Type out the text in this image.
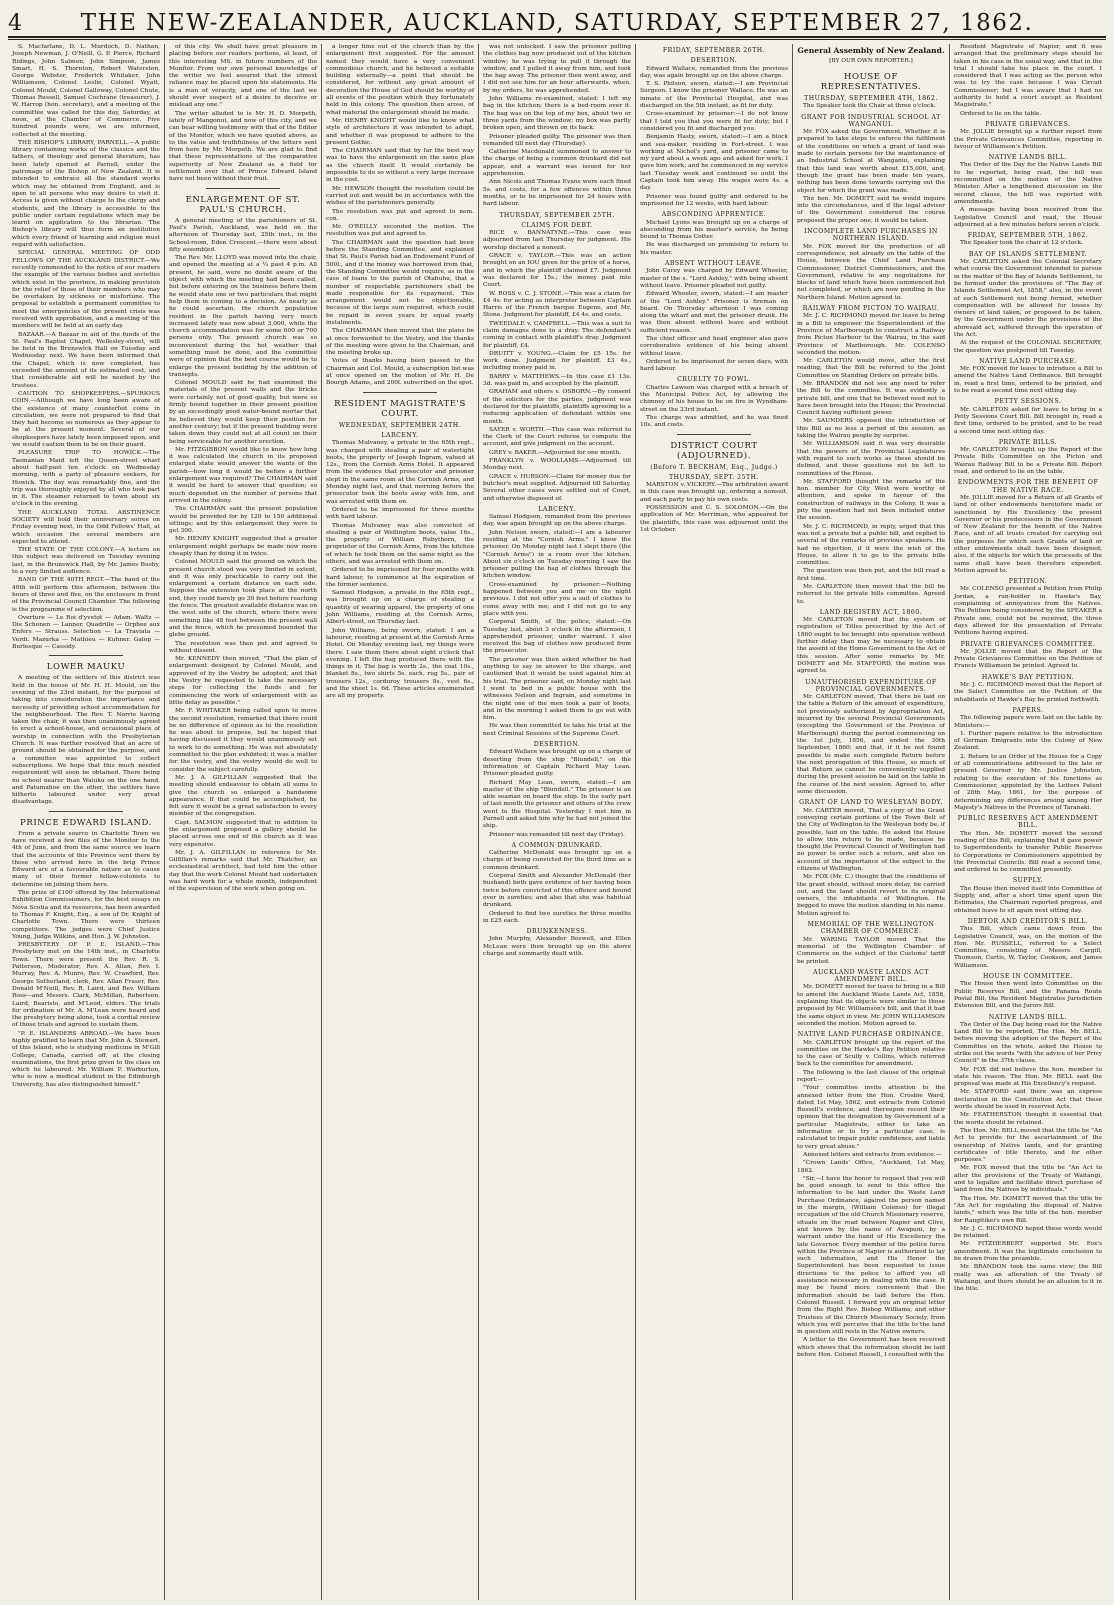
4	THE NEW-ZEALANDER, AUCKLAND, SATURDAY, SEPTEMBER 27, 1862.

S. Macfarlane, D. L. Murdoch, D. Nathan, Joseph Newman, J. O'Neill, G. P. Pierce, Richard Ridings, John Salmon, John Simpson, James Smart, H. S. Thornton, Robert Waterston, George Webster, Frederick Whitaker, John Williamson, Colonel Leslie, Colonel Wyatt, Colonel Mould, Colonel Galloway, Colonel Chute, Thomas Russell, Samuel Cochrane (treasurer), J. W. Harrop (hon. secretary), and a meeting of the committee was called for this day, Saturday, at noon, at the Chamber of Commerce. Five hundred pounds were, we are informed, collected at the meeting.

THE BISHOP'S LIBRARY, PARNELL.—A public library containing works of the classics and the fathers, of theology and general literature, has been lately opened at Parnell, under the patronage of the Bishop of New Zealand. It is intended to embrace all the standard works which may be obtained from England, and is open to all persons who may desire to visit it. Access is given without charge to the clergy and students, and the library is accessible to the public under certain regulations which may be learnt on application to the librarian. The Bishop's library will thus form an institution which every friend of learning and religion must regard with satisfaction.

SPECIAL GENERAL MEETING OF ODD FELLOWS OF THE AUCKLAND DISTRICT.—We recently commended to the notice of our readers the example of the various bodies and societies which exist in the province, in making provision for the relief of those of their members who may be overtaken by sickness or misfortune. The proposal to establish a permanent committee to meet the emergencies of the present crisis was received with approbation, and a meeting of the members will be held at an early day.

BAZAAR.—A Bazaar in aid of the funds of the St. Paul's Baptist Chapel, Wellesley-street, will be held in the Brunswick Hall on Tuesday and Wednesday next. We have been informed that the Chapel, which is now completed, has exceeded the amount of its estimated cost, and that considerable aid will be needed by the trustees.

CAUTION TO SHOPKEEPERS.—SPURIOUS COIN.—Although we have long been aware of the existence of many counterfeit coins in circulation, we were not prepared to find that they had become so numerous as they appear to be at the present moment. Several of our shopkeepers have lately been imposed upon, and we would caution them to be on their guard.

PLEASURE TRIP TO HOWICK.—The Tasmanian Maid left the Queen-street wharf about half-past ten o'clock on Wednesday morning, with a party of pleasure seekers, for Howick. The day was remarkably fine, and the trip was thoroughly enjoyed by all who took part in it. The steamer returned to town about six o'clock in the evening.

THE AUCKLAND TOTAL ABSTINENCE SOCIETY will hold their anniversary soiree on Friday evening next, in the Odd Fellows' Hall, at which occasion the several members are expected to attend.

THE STATE OF THE COLONY.—A lecture on this subject was delivered on Tuesday evening last, in the Brunswick Hall, by Mr. James Busby, to a very limited audience.

BAND OF THE 40TH REGT.—The band of the 40th will perform this afternoon, between the hours of three and five, on the enclosure in front of the Provincial Council Chamber. The following is the programme of selection.

Overture — Le Roi d'yvetot — Adam. Waltz — Die Schonen — Lanner. Quadrille — Orphee aux Enfers — Strauss. Selection — La Traviata — Verdi. Mazurka — Mathieu — Kuhner. Galop — Burlesque — Cassidy.

LOWER MAUKU

A meeting of the settlers of this district was held in the house of Mr. H. H. Mould, on the evening of the 23rd instant, for the purpose of taking into consideration the importance and necessity of providing school accommodation for the neighbourhood. The Rev. T. Norrie having taken the chair, it was then unanimously agreed to erect a school-house, and occasional place of worship in connection with the Presbyterian Church. It was further resolved that an acre of ground should be obtained for the purpose, and a committee was appointed to collect subscriptions. We hope that this much needed requirement will soon be obtained. There being no school nearer than Waiuku on the one hand, and Patumahoe on the other, the settlers have hitherto laboured under very great disadvantage.

PRINCE EDWARD ISLAND.

From a private source in Charlotte Town we have received a few files of the Monitor to the 4th of June, and from the same source we learn that the accounts of this Province sent there by those who arrived here in the brig Prince Edward are of a favourable nature as to cause many of their former fellow-colonists to determine on joining them here.

The prize of £100 offered by the International Exhibition Commissioners, for the best essays on Nova Scotia and its resources, has been awarded to Thomas F. Knight, Esq., a son of Dr. Knight of Charlotte Town. There were thirteen competitors. The judges were Chief Justice Young, Judge Wilkins, and Hon. J. W. Johnston.

PRESBYTERY OF P. E. ISLAND.—This Presbytery met on the 14th inst., in Charlotte Town. There were present the Rev. R. S. Patterson, Moderator, Rev. A. Allan, Rev. I. Murray, Rev. A. Munro, Rev. W. Crawford, Rev. George Sutherland, clerk, Rev. Allan Fraser, Rev. Donald M'Neill, Rev. R. Laird, and Rev. William Ross—and Messrs. Clark, McMillan, Robertson, Laird, Bearisto, and M'Leod, elders. The trials for ordination of Mr. A. M'Lean were heard and the presbytery being alone, took a cordial review of those trials and agreed to sustain them.

"P. E. ISLANDERS ABROAD.—We have been highly gratified to learn that Mr. John A. Stewart, of this Island, who is studying medicine in M'Gill College, Canada, carried off, at the closing examinations, the first prize given to the class on which he laboured. Mr. William P. Warburton, who is now a medical student in the Edinburgh University, has also distinguished himself."

of this city. We shall have great pleasure in placing before our readers portions, at least, of this interesting MS. in future numbers of the Monitor. From our own personal knowledge of the writer we feel assured that the utmost reliance may be placed upon his statements. He is a man of veracity, and one of the last we should ever suspect of a desire to deceive or mislead any one."

The writer alluded to is Mr. H. D. Morpeth, lately of Mangonui, and now of this city, and we can bear willing testimony with that of the Editor of the Monitor, which we have quoted above, as to the value and truthfulness of the letters sent from here by Mr. Morpeth. We are glad to find that these representations of the comparative superiority of New Zealand as a field for settlement over that of Prince Edward Island have not been without their fruit.

ENLARGEMENT OF ST. PAUL'S CHURCH.

A general meeting of the parishioners of St. Paul's Parish, Auckland, was held on the afternoon of Thursday last, 25th inst., in the School-room, Eden Crescent.—there were about fifty assembled.

The Rev. Mr. LLOYD was moved into the chair, and opened the meeting at a ¼ past 4 p.m. All present, he said, were no doubt aware of the object with which the meeting had been called, but before entering on the business before them he would state one or two particulars that might help them in coming to a decision. As nearly as he could ascertain, the church population resident in the parish having very much increased lately was now about 3,000, while the church accommodation was for some 600 or 700 persons only. The present church was so inconvenient during the hot weather that something must be done, and the committee were of opinion that the best course would be to enlarge the present building by the addition of transepts.

Colonel MOULD said he had examined the materials of the present walls and the bricks were certainly not of good quality, but were so firmly bound together in their present position by an exceedingly good water-bound mortar that he believed they would keep their position for another century; but if the present building were taken down they could not at all count on their being serviceable for another erection.

Mr. FITZGIBBON would like to know how long it was calculated the church in its proposed enlarged state would answer the wants of the parish—how long it would be before a further enlargement was required? The CHAIRMAN said it would be hard to answer that question; so much depended on the number of persons that arrived in the colony.

The CHAIRMAN said the present population would be provided for by 120 to 150 additional sittings; and by this enlargement they were to get 300.

Mr. HENRY KNIGHT suggested that a greater enlargement might perhaps be made now more cheaply than by doing it in twice.

Colonel MOULD said the ground on which the present church stood was very limited in extent, and it was only practicable to carry out the enlargement a certain distance on each side. Suppose the extension took place at the north end, they could barely go 30 feet before reaching the fence. The greatest available distance was on the west side of the church, where there were something like 48 feet between the present wall and the fence, which he presumed bounded the glebe ground.

The resolution was then put and agreed to without dissent.

Mr. KENNEDY then moved, "That the plan of enlargement designed by Colonel Mould, and approved of by the Vestry be adopted, and that the Vestry be requested to take the necessary steps for collecting the funds and for commencing the work of enlargement with as little delay as possible."

Mr. F. WHITAKER being called upon to move the second resolution, remarked that there could be no difference of opinion as to the resolution he was about to propose, but he hoped that having discussed it they would unanimously set to work to do something. He was not absolutely committed to the plan exhibited; it was a matter for the vestry, and the vestry would do well to consider the subject carefully.

Mr. J. A. GILFILLAN suggested that the meeting should endeavour to obtain all sums to give the church so enlarged a handsome appearance. If that could be accomplished, he felt sure it would be a great satisfaction to every member of the congregation.

Capt. SALMON suggested that in addition to the enlargement proposed a gallery should be placed across one end of the church as it was very expensive.

Mr. J. A. GILFILLAN in reference to Mr. Gilfillan's remarks said that Mr. Thatcher, an ecclesiastical architect, had told him the other day that the work Colonel Mould had undertaken was hard work for a whole month, independent of the supervision of the work when going on.

a longer time out of the church than by the enlargement first suggested. For the amount named they would have a very convenient commodious church, and he believed a suitable building externally—a point that should be considered, for without any great amount of decoration the House of God should be worthy of all events of the position which they fortunately held in this colony. The question then arose, of what material the enlargement should be made.

Mr. HENRY KNIGHT would like to know what style of architecture it was intended to adopt, and whether it was proposed to adhere to the present Gothic.

The CHAIRMAN said that by far the best way was to have the enlargement on the same plan as the church itself. It would certainly be impossible to do so without a very large increase in the cost.

Mr. HEWSON thought the resolution could be carried out and would be in accordance with the wishes of the parishioners generally.

The resolution was put and agreed to nem. con.

Mr. O'REILLY seconded the motion. The resolution was put and agreed to.

The CHAIRMAN said the question had been before the Standing Committee, and explained that St. Paul's Parish had an Endowment Fund of 500l., and if the money was borrowed from that, the Standing Committee would require, as in the case of loans to the parish of Otahuhu, that a number of respectable parishioners shall be made responsible for its repayment. This arrangement would not be objectionable, because of the large sum required, which could be repaid in seven years by equal yearly instalments.

The CHAIRMAN then moved that the plans be at once forwarded to the Vestry, and the thanks of the meeting were given to the Chairman, and the meeting broke up.

Votes of thanks having been passed to the Chairman and Col. Mould, a subscription list was at once opened on the motion of Mr. H. De Bourgh Adams, and 200l. subscribed on the spot.

RESIDENT MAGISTRATE'S COURT.
WEDNESDAY, SEPTEMBER 24TH.
LARCENY.

Thomas Mulvaney, a private in the 65th regt., was charged with stealing a pair of watertight boots, the property of Joseph Ingram, valued at 12s., from the Cornish Arms Hotel. It appeared from the evidence that prosecutor and prisoner slept in the same room at the Cornish Arms, and Monday night last, and that morning before the prosecutor took the boots away with him, and was arrested with them on.

Ordered to be imprisoned for three months with hard labour.

Thomas Mulvaney was also convicted of stealing a pair of Wellington boots, value 16s., the property of William Rubythorn, the proprietor of the Cornish Arms, from the kitchen of which he took them on the same night as the others, and was arrested with them on.

Ordered to be imprisoned for four months with hard labour, to commence at the expiration of the former sentence.

Samuel Hodgson, a private in the 65th regt., was brought up on a charge of stealing a quantity of wearing apparel, the property of one John Williams, residing at the Cornish Arms, Albert-street, on Thursday last.

John Williams, being sworn, stated: I am a labourer, residing at present at the Cornish Arms Hotel. On Monday evening last, my things were there. I saw them there about eight o'clock that evening. I left the bag produced there with the things in it. The bag is worth 2s., the coat 10s., blanket 8s., two shirts 5s. each, rug 5s., pair of trousers 12s., corduroy trousers 8s., vest 6s., and the sheet 1s. 6d. These articles enumerated are all my property.

was not unlocked. I saw the prisoner pulling the clothes bag now produced out of the kitchen window; he was trying to pull it through the window, and I pulled it away from him, and took the bag away. The prisoner then went away, and I did not see him for an hour afterwards, when, by my orders, he was apprehended.

John Williams re-examined, stated: I left my bag in the kitchen; there is a bed-room over it. The bag was on the top of my box, about two or three yards from the window; my box was partly broken open, and thrown on its back.

Prisoner pleaded guilty. The prisoner was then remanded till next day (Thursday).

Catherine Macdonald summoned to answer to the charge of being a common drunkard did not appear, and a warrant was issued for her apprehension.

Ann Nicols and Thomas Evans were each fined 5s. and costs, for a few offences within three months, or to be imprisoned for 24 hours with hard labour.

THURSDAY, SEPTEMBER 25TH.
CLAIMS FOR DEBT.

RICE v. BANNATYNE.—This case was adjourned from last Thursday for judgment. His worship declared a nonsuit.

GRACE v. TAYLOR.—This was an action brought on an IOU given for the price of a horse, and in which the plaintiff claimed £7. Judgment was declared for 15s.; the money paid into Court.

W. ROSS v. C. J. STONE.—This was a claim for £4 4s. for acting as interpreter between Captain Harris of the French barque Eugene, and Mr. Stone. Judgment for plaintiff, £4 4s. and costs.

TWEEDALE v. CAMPBELL.—This was a suit to claim damages done to a dray. The defendant's coming in contact with plaintiff's dray. Judgment for plaintiff, £4.

DRUITT v. YOUNG.—Claim for £5 15s. for work done. Judgment for plaintiff, £3 4s., including money paid in.

BARRY v. MATTHEWS.—In this case £1 13s. 3d. was paid in, and accepted by the plaintiff.

GRAHAM and others v. OSBORN.—By consent of the solicitors for the parties, judgment was declared for the plaintiffs, plaintiffs agreeing to a reducing application of defendant within one month.

SAYER v. WORTH.—This case was referred to the Clerk of the Court referee to compute the account, and give judgment on the account.

GREY v. BAKER.—Adjourned for one month.

FRANKLYN v. WOOLLAMS.—Adjourned till Monday next.

GRACE v. HUBSON.—Claim for money due for butcher's meat supplied. Adjourned till Saturday. Several other cases were settled out of Court, and otherwise disposed of.

LARCENY.

Samuel Hodgson, remanded from the previous day, was again brought up on the above charge.

John Nelson sworn, stated:—I am a labourer residing at the "Cornish Arms." I know the prisoner. On Monday night last I slept there (the "Cornish Arms") in a room over the kitchen. About six o'clock on Tuesday morning I saw the prisoner pulling the bag of clothes through the kitchen window.

Cross-examined by prisoner:—Nothing happened between you and me on the night previous. I did not offer you a suit of clothes to come away with me; and I did not go to any place with you.

Corporal Smith, of the police, stated:—On Tuesday last, about 3 o'clock in the afternoon, I apprehended prisoner, under warrant. I also received the bag of clothes now produced from the prosecutor.

The prisoner was then asked whether he had anything to say in answer to the charge, and cautioned that it would be used against him at his trial. The prisoner said, on Monday night last I went to bed in a public house with the witnesses Nelson and Ingram, and sometime in the night one of the men took a pair of boots, and in the morning I asked them to go out with him.

He was then committed to take his trial at the next Criminal Sessions of the Supreme Court.

DESERTION.

Edward Wallace was brought up on a charge of deserting from the ship "Blundell," on the information of Captain Richard May Lean. Prisoner pleaded guilty.

Richard May Lean, sworn, stated:—I am master of the ship "Blundell." The prisoner is an able seaman on board the ship. In the early part of last month the prisoner and others of the crew went to the Hospital. Yesterday I met him in Parnell and asked him why he had not joined the ship.

Prisoner was remanded till next day (Friday).

A COMMON DRUNKARD.

Catherine McDonald was brought up on a charge of being convicted for the third time as a common drunkard.

Corporal Smith and Alexander McDonald (her husband) both gave evidence of her having been twice before convicted of this offence and bound over in sureties; and also that she was habitual drunkard.

Ordered to find two sureties for three months in £25 each.

DRUNKENNESS.

John Murphy, Alexander Boswell, and Ellen McLean were then brought up on the above charge and summarily dealt with.

FRIDAY, SEPTEMBER 26TH.
DESERTION.

Edward Wallace, remanded from the previous day, was again brought up on the above charge.

T. S. Philson, sworn, stated:—I am Provincial Surgeon. I know the prisoner Wallace. He was an inmate of the Provincial Hospital, and was discharged on the 5th instant, as fit for duty.

Cross-examined by prisoner:—I do not know that I told you that you were fit for duty; but I considered you fit and discharged you.

Benjamin Hasty, sworn, stated:—I am a block and sea-maker, residing in Fort-street. I was working at Nichol's yard, and prisoner came to my yard about a week ago and asked for work. I gave him work; and he commenced in my service last Tuesday week and continued so until the Captain took him away. His wages were 4s. a day.

Prisoner was found guilty and ordered to be imprisoned for 12 weeks, with hard labour.

ABSCONDING APPRENTICE.

Michael Lyons was brought up on a charge of absconding from his master's service, he being bound to Thomas Cotter.

He was discharged on promising to return to his master.

ABSENT WITHOUT LEAVE.

John Carey was charged by Edward Wheeler, master of the s. "Lord Ashley," with being absent without leave. Prisoner pleaded not guilty.

Edward Wheeler, sworn, stated:—I am master of the "Lord Ashley." Prisoner is fireman on board. On Thursday afternoon I was coming along the wharf and met the prisoner drunk. He was then absent without leave and without sufficient reason.

The chief officer and head engineer also gave corroborative evidence of his being absent without leave.

Ordered to be imprisoned for seven days, with hard labour.

CRUELTY TO FOWL.

Charles Lawson was charged with a breach of the Municipal Police Act, by allowing the chimney of his house to be on fire in Wyndham-street on the 23rd instant.

The charge was admitted, and he was fined 10s. and costs.

DISTRICT COURT (ADJOURNED).
(Before T. BECKHAM, Esq., Judge.)
THURSDAY, SEPT. 25TH.

MARSTON v. VICKERY.—The arbitration award in this case was brought up, ordering a nonsuit, and each party to pay his own costs.

POSSESSION and C. S. SOLOMON.—On the application of Mr. Merriman, who appeared for the plaintiffs, this case was adjourned until the 1st October.

General Assembly of New Zealand.
[BY OUR OWN REPORTER.]
HOUSE OF REPRESENTATIVES.
THURSDAY, SEPTEMBER 4TH, 1862.

The Speaker took the Chair at three o'clock.

GRANT FOR INDUSTRIAL SCHOOL AT WANGANUI.

Mr. FOX asked the Government, Whether it is prepared to take steps to enforce the fulfilment of the conditions on which a grant of land was made to certain persons for the maintenance of an Industrial School at Wanganui, explaining that this land was worth about £15,000, and, though the grant has been made ten years, nothing has been done towards carrying out the object for which the grant was made.

The hon. Mr. DOMETT said he would inquire into the circumstances, and if the legal adviser of the Government considered the course proposed the proper one, it would be taken.

INCOMPLETE LAND PURCHASES IN NORTHERN ISLAND.

Mr. FOX moved for the production of all correspondence, not already on the table of the House, between the Chief Land Purchase Commissioner, District Commissioners, and the Government, relative to any negotiations for blocks of land which have been commenced but not completed, or which are now pending in the Northern Island. Motion agreed to.

RAILWAY FROM PICTON TO WAIRAU.

Mr. J. C. RICHMOND moved for leave to bring in a Bill to empower the Superintendent of the Province of Marlborough to construct a Railway from Picton Harbour to the Wairau, in the said Province of Marlborough. Mr. COLENSO seconded the motion.

Mr. CARLETON would move, after the first reading, that the Bill be referred to the Joint Committee on Standing Orders on private bills.

Mr. BRANDON did not see any need to refer the Bill to the committee. It was evidently a private bill, and one that he believed need not to have been brought into the House; the Provincial Council having sufficient power.

Mr. SAUNDERS opposed the introduction of this Bill as no less a period of the session, as taking the Wairau people by surprise.

Mr. WILLIAMSON said it was very desirable that the powers of the Provincial Legislatures with regard to such works as these should be defined, and these questions not be left to committees of the House.

Mr. STAFFORD thought the remarks of the hon. member for City West were worthy of attention, and spoke in favour of the construction of railways in the Colony. It was a pity the question had not been initiated under the session.

Mr. J. C. RICHMOND, in reply, urged that this was not a private but a public bill, and replied to several of the remarks of previous speakers. He had no objection, if it were the wish of the House, to allow it to go to the private bills committee.

The question was then put, and the bill read a first time.

Mr. CARLETON then moved that the bill be referred to the private bills committee. Agreed to.

LAND REGISTRY ACT, 1860.

Mr. CARLETON moved that the system of registration of Titles prescribed by the Act of 1860 ought to be brought into operation without further delay than may be necessary to obtain the assent of the Home Government to the Act of this session. After some remarks by Mr. DOMETT and Mr. STAFFORD, the motion was agreed to.

UNAUTHORISED EXPENDITURE OF PROVINCIAL GOVERNMENTS.

Mr. CARLETON moved, That there be laid on the table a Return of the amount of expenditure, not previously authorized by Appropriation Act, incurred by the several Provincial Governments (excepting the Government of the Province of Marlborough) during the period commencing on the 1st July, 1856, and ended the 30th September, 1860; and that, if it be not found possible to make such complete Return before the next prorogation of this House, so much of that Return as cannot be conveniently supplied during the present session be laid on the table in the course of the next session. Agreed to, after some discussion.

GRANT OF LAND TO WESLEYAN BODY.

Mr. CARTER moved, That a copy of the Grant conveying certain portions of the Town Belt of the City of Wellington to the Wesleyan body be, if possible, laid on the table. He asked the House to allow this return to be made, because he thought the Provincial Council of Wellington had no power to order such a return, and also on account of the importance of the subject to the citizens of Wellington.

Mr. FOX (Mr. C.) thought that the conditions of the grant should, without more delay, be carried out, and the land should revert to its original owners, the inhabitants of Wellington. He begged to move the motion standing in his name. Motion agreed to.

MEMORIAL OF THE WELLINGTON CHAMBER OF COMMERCE.

Mr. WARING TAYLOR moved That the memorial of the Wellington Chamber of Commerce on the subject of the Customs' tariff be printed.

AUCKLAND WASTE LANDS ACT AMENDMENT BILL.

Mr. DOMETT moved for leave to bring in a Bill to amend the Auckland Waste Lands Act, 1858, explaining that its objects were similar to those proposed by Mr. Williamson's bill, and that it had the same object in view. Mr. JOHN WILLIAMSON seconded the motion. Motion agreed to.

NATIVE LAND PURCHASE ORDINANCE.

Mr. CARLETON brought up the report of the committee on the Hawke's Bay Petition relative to the case of Scully v. Collins, which referred back to the committee for amendment.

The following is the last clause of the original report:—

"Your committee invite attention to the annexed letter from the Hon. Crosbie Ward, dated 1st May, 1862, and extracts from Colonel Russell's evidence, and thereupon record their opinion that the designation by Government of a particular Magistrate, either to take an information or to try a particular case, is calculated to impair public confidence, and liable to very great abuse."

Annexed letters and extracts from evidence:—

"Crown Lands' Office, "Auckland, 1st May, 1862.

"Sir,—I have the honor to request that you will be good enough to send to this office the information to be laid under the Waste Land Purchase Ordinance, against the person named in the margin, (William Colenso) for illegal occupation of the old Church Missionary reserve, situate on the road between Napier and Clive, and known by the name of Awapuni, by a warrant under the hand of His Excellency the late Governor. Every member of the police force within the Province of Napier is authorized to lay such information, and His Honor the Superintendent has been requested to issue directions to the police to afford you all assistance necessary in dealing with the case. It may be found more convenient that the information should be laid before the Hon. Colonel Russell. I forward you an original letter from the Right Rev. Bishop Williams, and other Trustees of the Church Missionary Society, from which you will perceive that the title to the land in question still rests in the Native owners.

A letter to the Government has been received which shows that the information should be laid before Hon. Colonel Russell, I consulted with the

Resident Magistrate of Napier, and it was arranged that the preliminary steps should be taken in his case in the usual way, and that in the trial I should take his place in the court. I considered that I was acting as the person who was to try the case because I was Circuit Commissioner; but I was aware that I had no authority to hold a court except as Resident Magistrate."

Ordered to lie on the table.

PRIVATE GRIEVANCES.

Mr. JOLLIE brought up a further report from the Private Grievances Committee, reporting in favour of Williamson's Petition.

NATIVE LANDS BILL.

The Order of the Day for the Native Lands Bill to be reported, being read, the bill was recommitted on the motion of the Native Minister. After a lengthened discussion on the second clause, the bill was reported with amendments.

A message having been received from the Legislative Council and read, the House adjourned at a few minutes before seven o'clock.

FRIDAY, SEPTEMBER 5TH, 1862.

The Speaker took the chair at 12 o'clock.

BAY OF ISLANDS SETTLEMENT.

Mr. CARLETON asked the Colonial Secretary what course the Government intended to pursue in the matter of the Bay of Islands Settlement, to be formed under the provisions of "The Bay of Islands Settlement Act, 1858," also, in the event of such Settlement not being formed, whether compensation will be allowed for losses by owners of land taken, or proposed to be taken, by the Government under the provisions of the aforesaid act, suffered through the operation of the Act.

At the request of the COLONIAL SECRETARY, the question was postponed till Tuesday.

NATIVE LAND PURCHASE.

Mr. FOX moved for leave to introduce a Bill to amend the Native Land Ordinance. Bill brought in, read a first time, ordered to be printed, and to be read a second time next sitting day.

PETTY SESSIONS.

Mr. CARLETON asked for leave to bring in a Petty Sessions Court Bill. Bill brought in, read a first time, ordered to be printed, and to be read a second time next sitting day.

PRIVATE BILLS.

Mr. CARLETON brought up the Report of the Private Bills Committee on the Picton and Wairau Railway Bill to be a Private Bill. Report read, and ordered to lie on the table.

ENDOWMENTS FOR THE BENEFIT OF THE NATIVE RACE.

Mr. JOLLIE moved for a Return of all Grants of land or other endowments heretofore made or sanctioned by His Excellency the present Governor or his predecessors in the Government of New Zealand for the benefit of the Native Race, and of all trusts created for carrying out the purposes for which such Grants of land or other endowments shall have been designed; also, if the objects for which the proceeds of the same shall have been therefore expended. Motion agreed to.

PETITION.

Mr. COLENSO presented a Petition from Philip Jordan, a run-holder in Hawke's Bay, complaining of annoyances from the Natives. The Petition being considered by the SPEAKER a Private one, could not be received, the three days allowed for the presentation of Private Petitions having expired.

PRIVATE GRIEVANCES COMMITTEE.

Mr. JOLLIE moved that the Report of the Private Grievances Committee on the Petition of Francis Williamson be printed. Agreed to.

HAWKE'S BAY PETITION.

Mr. J. C. RICHMOND moved that the Report of the Select Committee on the Petition of the inhabitants of Hawke's Bay be printed forthwith.

PAPERS.

The following papers were laid on the table by Ministers:—

1. Further papers relative to the introduction of German Emigrants into the Colony of New Zealand.

2. Return to an Order of the House for a Copy of all communications addressed to the late or present Governor by Mr. Justice Johnston, relating to the execution of his functions as Commissioner, appointed by the Letters Patent of 28th May, 1861, for the purpose of determining any differences arising among Her Majesty's Natives in the Province of Taranaki.

PUBLIC RESERVES ACT AMENDMENT BILL.

The Hon. Mr. DOMETT moved the second reading of this Bill, explaining that it gave power to Superintendents to transfer Public Reserves to Corporations or Commissioners appointed by the Provincial Councils. Bill read a second time, and ordered to be committed presently.

SUPPLY.

The House then moved itself into Committee of Supply, and, after a short time spent upon the Estimates, the Chairman reported progress, and obtained leave to sit again next sitting day.

DEBTOR AND CREDITOR'S BILL.

This Bill, which came down from the Legislative Council, was, on the motion of the Hon. Mr. RUSSELL, referred to a Select Committee, consisting of Messrs. Cargill, Thomson, Curtis, W. Taylor, Cookson, and James Williamson.

HOUSE IN COMMITTEE.

The House then went into Committee on the Public Reserves Bill, and the Panama Route Postal Bill, the Resident Magistrates Jurisdiction Extension Bill, and the Jurors Bill.

NATIVE LANDS BILL.

The Order of the Day being read for the Native Land Bill to be reported, The Hon. Mr. BELL, before moving the adoption of the Report of the Committee on the whole, asked the House to strike out the words "with the advice of her Privy Council" in the 37th clause.

Mr. FOX did not believe the hon. member to state his reason. The Hon. Mr. BELL said the proposal was made at His Excellency's request.

Mr. STAFFORD said there was an express declaration in the Constitution Act that these words should be used in reserved Acts.

Mr. FEATHERSTON thought it essential that the words should be retained.

The Hon. Mr. BELL moved that the title be "An Act to provide for the ascertainment of the ownership of Native lands, and for granting certificates of title thereto, and for other purposes."

Mr. FOX moved that the title be "An Act to alter the provisions of the Treaty of Waitangi, and to legalize and facilitate direct purchase of land from the Natives by individuals."

The Hon. Mr. DOMETT moved that the title be "An Act for regulating the disposal of Native lands," which was the title of the hon. member for Rangitikei's own Bill.

Mr. J. C. RICHMOND hoped these words would be retained.

Mr. FITZHERBERT supported Mr. Fox's amendment. It was the legitimate conclusion to be drawn from the preamble.

Mr. BRANDON took the same view; the Bill really was an alteration of the Treaty of Waitangi, and there should be an allusion to it in the title.
